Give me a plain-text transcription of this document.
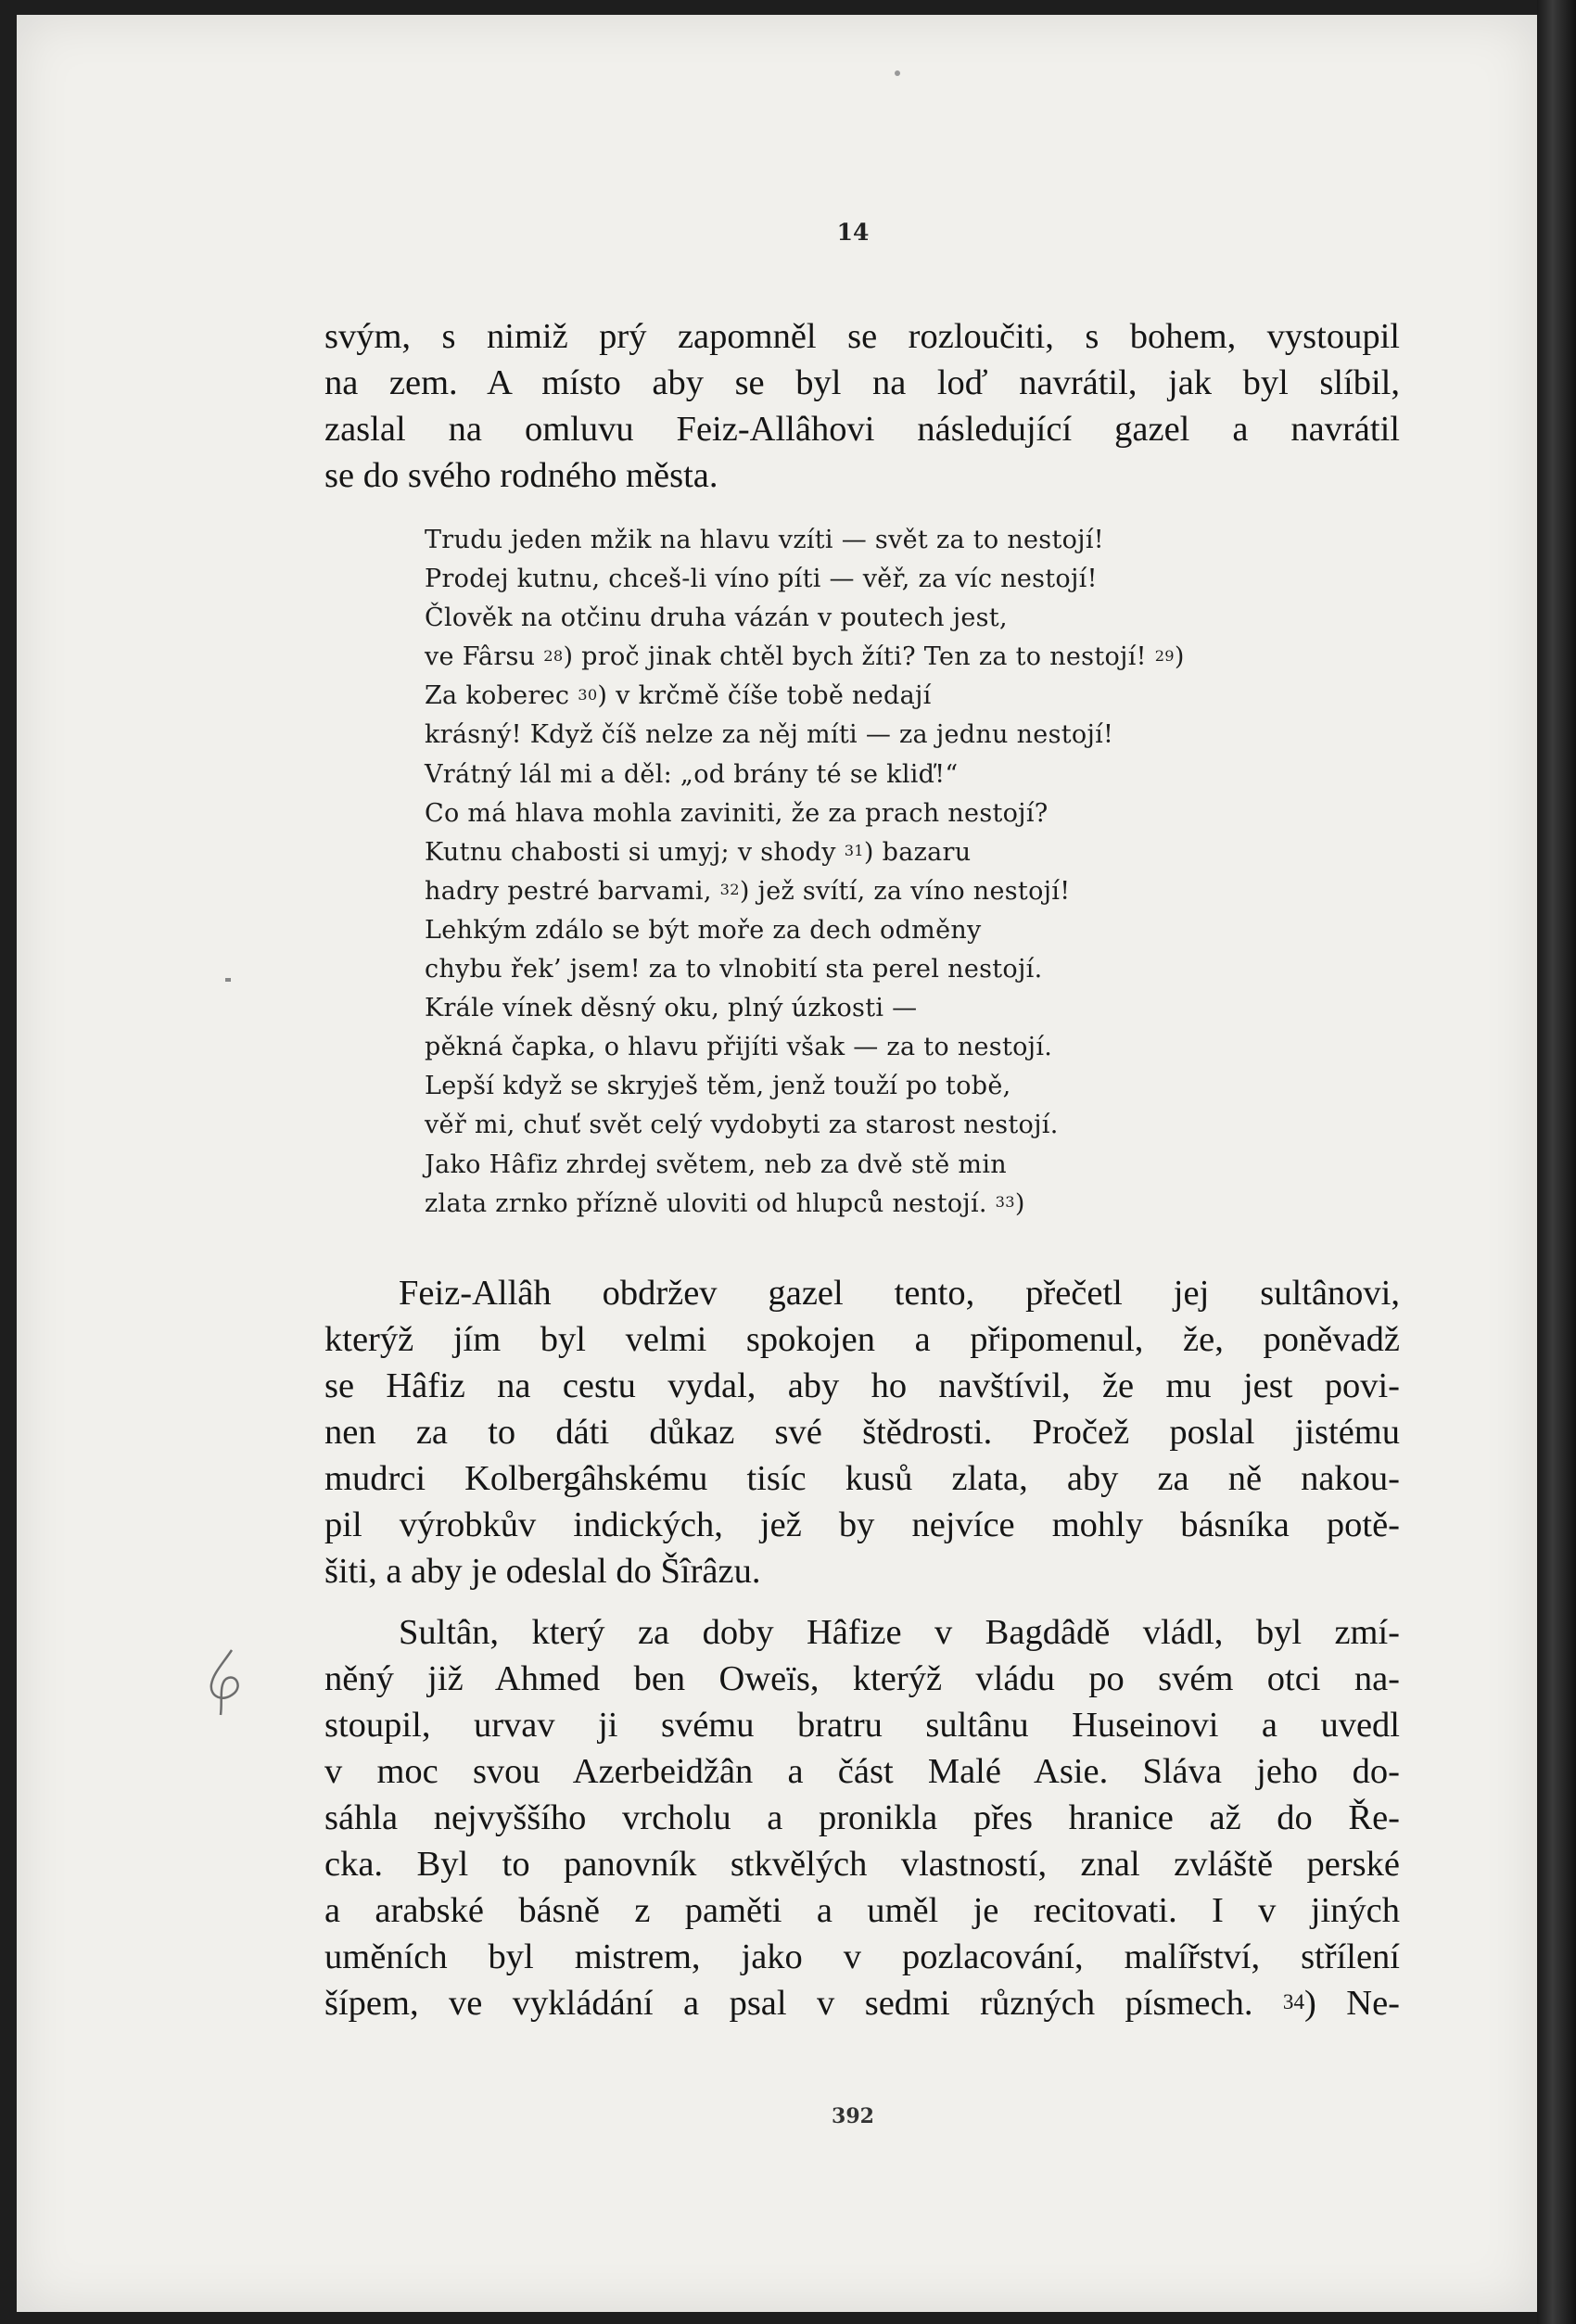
14

svým, s nimiž prý zapomněl se rozloučiti, s bohem, vystoupil

na zem. A místo aby se byl na loď navrátil, jak byl slíbil,

zaslal na omluvu Feiz-Allâhovi následující gazel a navrátil

se do svého rodného města.

Trudu jeden mžik na hlavu vzíti — svět za to nestojí!
Prodej kutnu, chceš-li víno píti — věř, za víc nestojí!
Člověk na otčinu druha vázán v poutech jest,
ve Fârsu $^{28}$) proč jinak chtěl bych žíti? Ten za to nestojí! $^{29}$)
Za koberec $^{30}$) v krčmě číše tobě nedají
krásný! Když číš nelze za něj míti — za jednu nestojí!
Vrátný lál mi a děl: „od brány té se kliď!“
Co má hlava mohla zaviniti, že za prach nestojí?
Kutnu chabosti si umyj; v shody $^{31}$) bazaru
hadry pestré barvami, $^{32}$) jež svítí, za víno nestojí!
Lehkým zdálo se být moře za dech odměny
chybu řek’ jsem! za to vlnobití sta perel nestojí.
Krále vínek děsný oku, plný úzkosti —
pěkná čapka, o hlavu přijíti však — za to nestojí.
Lepší když se skryješ těm, jenž touží po tobě,
věř mi, chuť svět celý vydobyti za starost nestojí.
Jako Hâfiz zhrdej světem, neb za dvě stě min
zlata zrnko přízně uloviti od hlupců nestojí. $^{33}$)

Feiz-Allâh obdržev gazel tento, přečetl jej sultânovi,

kterýž jím byl velmi spokojen a připomenul, že, poněvadž

se Hâfiz na cestu vydal, aby ho navštívil, že mu jest povi-

nen za to dáti důkaz své štědrosti. Pročež poslal jistému

mudrci Kolbergâhskému tisíc kusů zlata, aby za ně nakou-

pil výrobkův indických, jež by nejvíce mohly básníka potě-

šiti, a aby je odeslal do Šîrâzu.

Sultân, který za doby Hâfize v Bagdâdě vládl, byl zmí-

něný již Ahmed ben Oweïs, kterýž vládu po svém otci na-

stoupil, urvav ji svému bratru sultânu Huseinovi a uvedl

v moc svou Azerbeidžân a část Malé Asie. Sláva jeho do-

sáhla nejvyššího vrcholu a pronikla přes hranice až do Ře-

cka. Byl to panovník stkvělých vlastností, znal zvláště perské

a arabské básně z paměti a uměl je recitovati. I v jiných

uměních byl mistrem, jako v pozlacování, malířství, střílení

šípem, ve vykládání a psal v sedmi různých písmech. $^{34}$) Ne-

392
